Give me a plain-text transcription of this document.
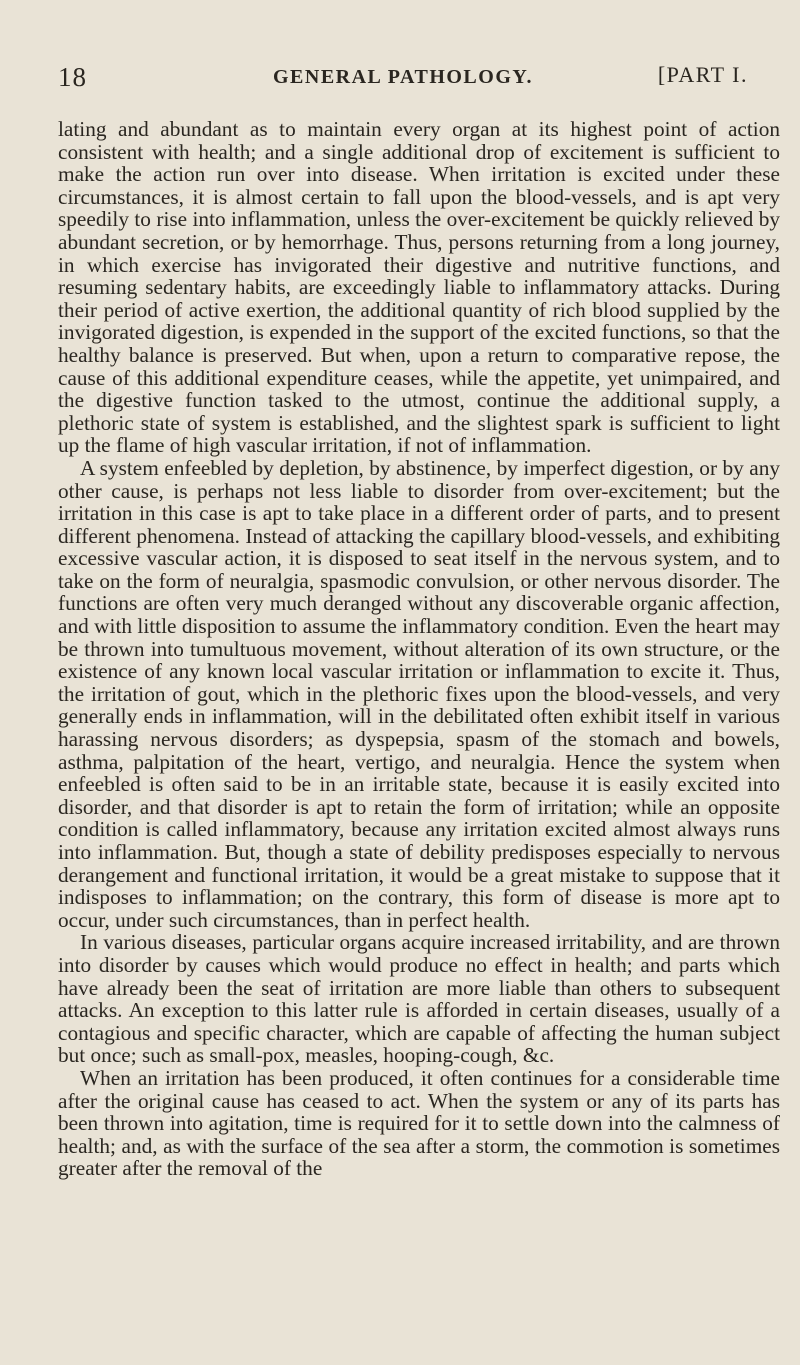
18	GENERAL PATHOLOGY.	[PART I.

lating and abundant as to maintain every organ at its highest point of action consistent with health; and a single additional drop of excitement is sufficient to make the action run over into disease. When irritation is excited under these circumstances, it is almost certain to fall upon the blood-vessels, and is apt very speedily to rise into inflammation, unless the over-excitement be quickly relieved by abundant secretion, or by hemorrhage. Thus, persons returning from a long journey, in which exercise has invigorated their digestive and nutritive functions, and resuming sedentary habits, are exceedingly liable to inflammatory attacks. During their period of active exertion, the additional quantity of rich blood supplied by the invigorated digestion, is expended in the support of the excited functions, so that the healthy balance is preserved. But when, upon a return to comparative repose, the cause of this additional expenditure ceases, while the appetite, yet unimpaired, and the digestive function tasked to the utmost, continue the additional supply, a plethoric state of system is established, and the slightest spark is sufficient to light up the flame of high vascular irritation, if not of inflammation.

A system enfeebled by depletion, by abstinence, by imperfect digestion, or by any other cause, is perhaps not less liable to disorder from over-excitement; but the irritation in this case is apt to take place in a different order of parts, and to present different phenomena. Instead of attacking the capillary blood-vessels, and exhibiting excessive vascular action, it is disposed to seat itself in the nervous system, and to take on the form of neuralgia, spasmodic convulsion, or other nervous disorder. The functions are often very much deranged without any discoverable organic affection, and with little disposition to assume the inflammatory condition. Even the heart may be thrown into tumultuous movement, without alteration of its own structure, or the existence of any known local vascular irritation or inflammation to excite it. Thus, the irritation of gout, which in the plethoric fixes upon the blood-vessels, and very generally ends in inflammation, will in the debilitated often exhibit itself in various harassing nervous disorders; as dyspepsia, spasm of the stomach and bowels, asthma, palpitation of the heart, vertigo, and neuralgia. Hence the system when enfeebled is often said to be in an irritable state, because it is easily excited into disorder, and that disorder is apt to retain the form of irritation; while an opposite condition is called inflammatory, because any irritation excited almost always runs into inflammation. But, though a state of debility predisposes especially to nervous derangement and functional irritation, it would be a great mistake to suppose that it indisposes to inflammation; on the contrary, this form of disease is more apt to occur, under such circumstances, than in perfect health.

In various diseases, particular organs acquire increased irritability, and are thrown into disorder by causes which would produce no effect in health; and parts which have already been the seat of irritation are more liable than others to subsequent attacks. An exception to this latter rule is afforded in certain diseases, usually of a contagious and specific character, which are capable of affecting the human subject but once; such as small-pox, measles, hooping-cough, &c.

When an irritation has been produced, it often continues for a considerable time after the original cause has ceased to act. When the system or any of its parts has been thrown into agitation, time is required for it to settle down into the calmness of health; and, as with the surface of the sea after a storm, the commotion is sometimes greater after the removal of the
